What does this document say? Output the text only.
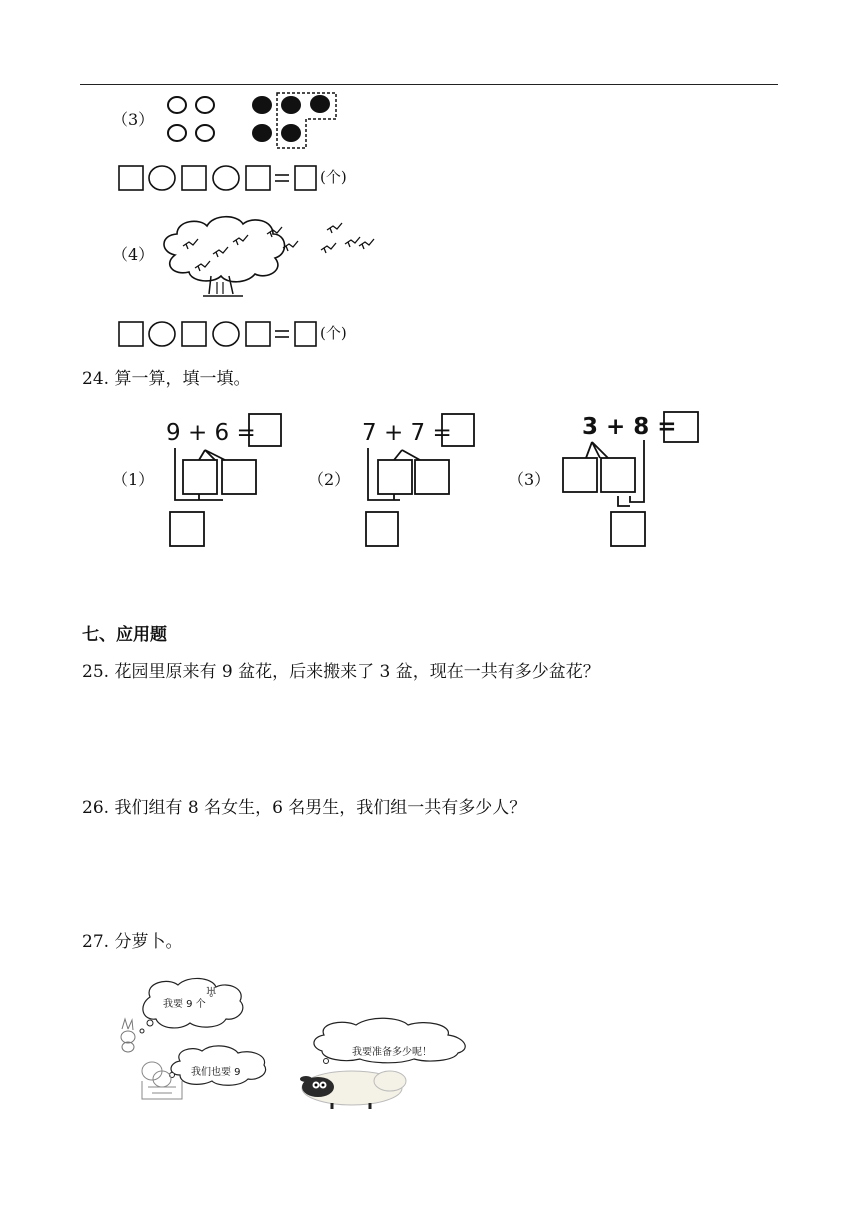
（3）
(个)
（4）
(个)
24. 算一算，填一填。
（1）
9 + 6 =
（2）
7 + 7 =
（3）
3 + 8 =
七、应用题
25. 花园里原来有 9 盆花，后来搬来了 3 盆，现在一共有多少盆花？
26. 我们组有 8 名女生，6 名男生，我们组一共有多少人？
27. 分萝卜。
我要 9 个
♅
我们也要 9
我要准备多少呢！
